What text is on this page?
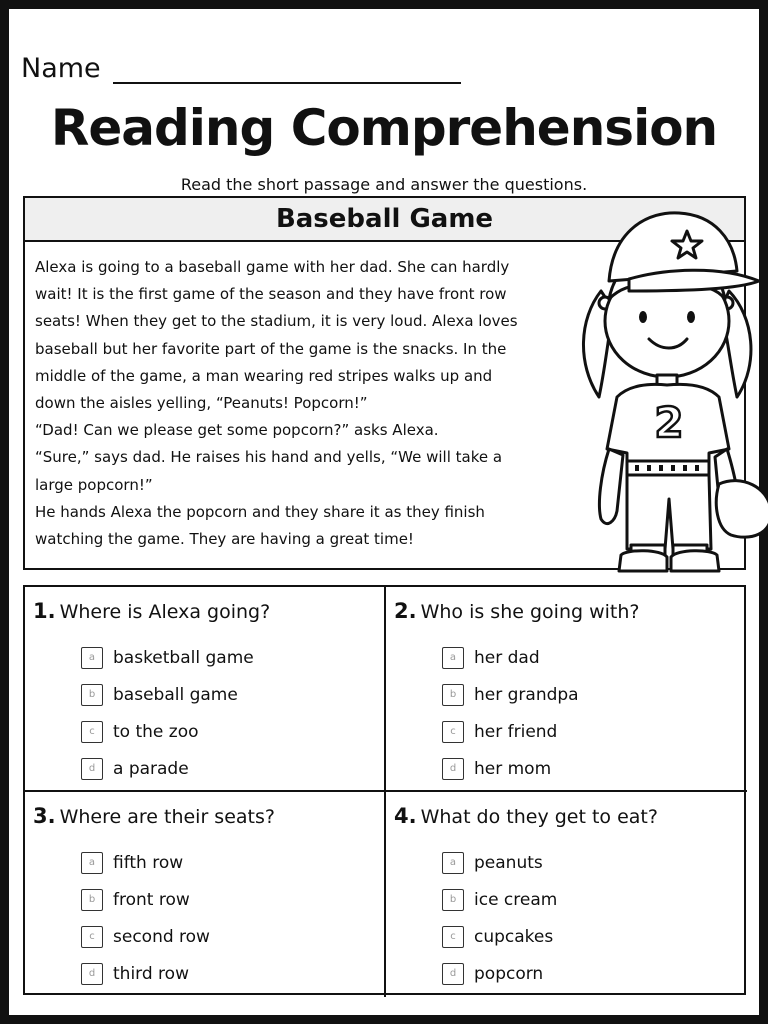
Name
Reading Comprehension
Read the short passage and answer the questions.
Baseball Game
Alexa is going to a baseball game with her dad. She can hardly
wait! It is the first game of the season and they have front row
seats! When they get to the stadium, it is very loud. Alexa loves
baseball but her favorite part of the game is the snacks. In the
middle of the game, a man wearing red stripes walks up and
down the aisles yelling, “Peanuts! Popcorn!”
“Dad! Can we please get some popcorn?” asks Alexa.
“Sure,” says dad. He raises his hand and yells, “We will take a
large popcorn!”
He hands Alexa the popcorn and they share it as they finish
watching the game. They are having a great time!
2
1. Where is Alexa going?
a	basketball game
b	baseball game
c	to the zoo
d	a parade
2. Who is she going with?
a	her dad
b	her grandpa
c	her friend
d	her mom
3. Where are their seats?
a	fifth row
b	front row
c	second row
d	third row
4. What do they get to eat?
a	peanuts
b	ice cream
c	cupcakes
d	popcorn
